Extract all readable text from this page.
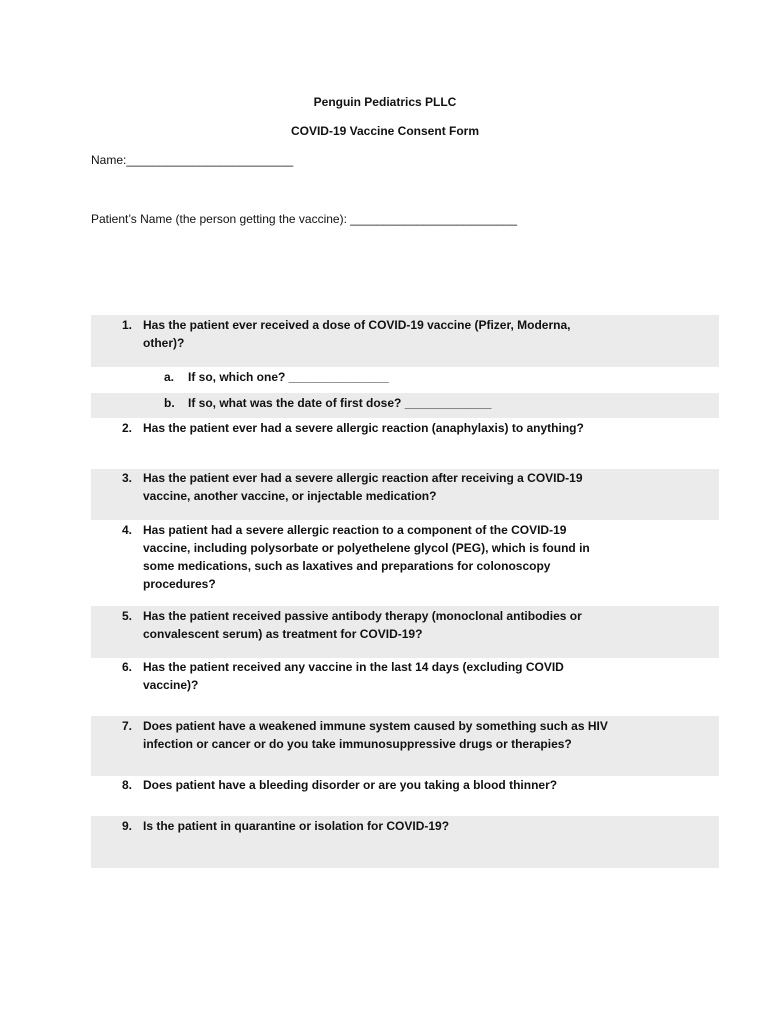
Penguin Pediatrics PLLC
COVID-19 Vaccine Consent Form
Name:_________________________
Patient’s Name (the person getting the vaccine): _________________________
1. Has the patient ever received a dose of COVID-19 vaccine (Pfizer, Moderna,
other)?
a. If so, which one? _______________
b. If so, what was the date of first dose? _____________
2. Has the patient ever had a severe allergic reaction (anaphylaxis) to anything?
3. Has the patient ever had a severe allergic reaction after receiving a COVID-19
vaccine, another vaccine, or injectable medication?
4. Has patient had a severe allergic reaction to a component of the COVID-19
vaccine, including polysorbate or polyethelene glycol (PEG), which is found in
some medications, such as laxatives and preparations for colonoscopy
procedures?
5. Has the patient received passive antibody therapy (monoclonal antibodies or
convalescent serum) as treatment for COVID-19?
6. Has the patient received any vaccine in the last 14 days (excluding COVID
vaccine)?
7. Does patient have a weakened immune system caused by something such as HIV
infection or cancer or do you take immunosuppressive drugs or therapies?
8. Does patient have a bleeding disorder or are you taking a blood thinner?
9. Is the patient in quarantine or isolation for COVID-19?
